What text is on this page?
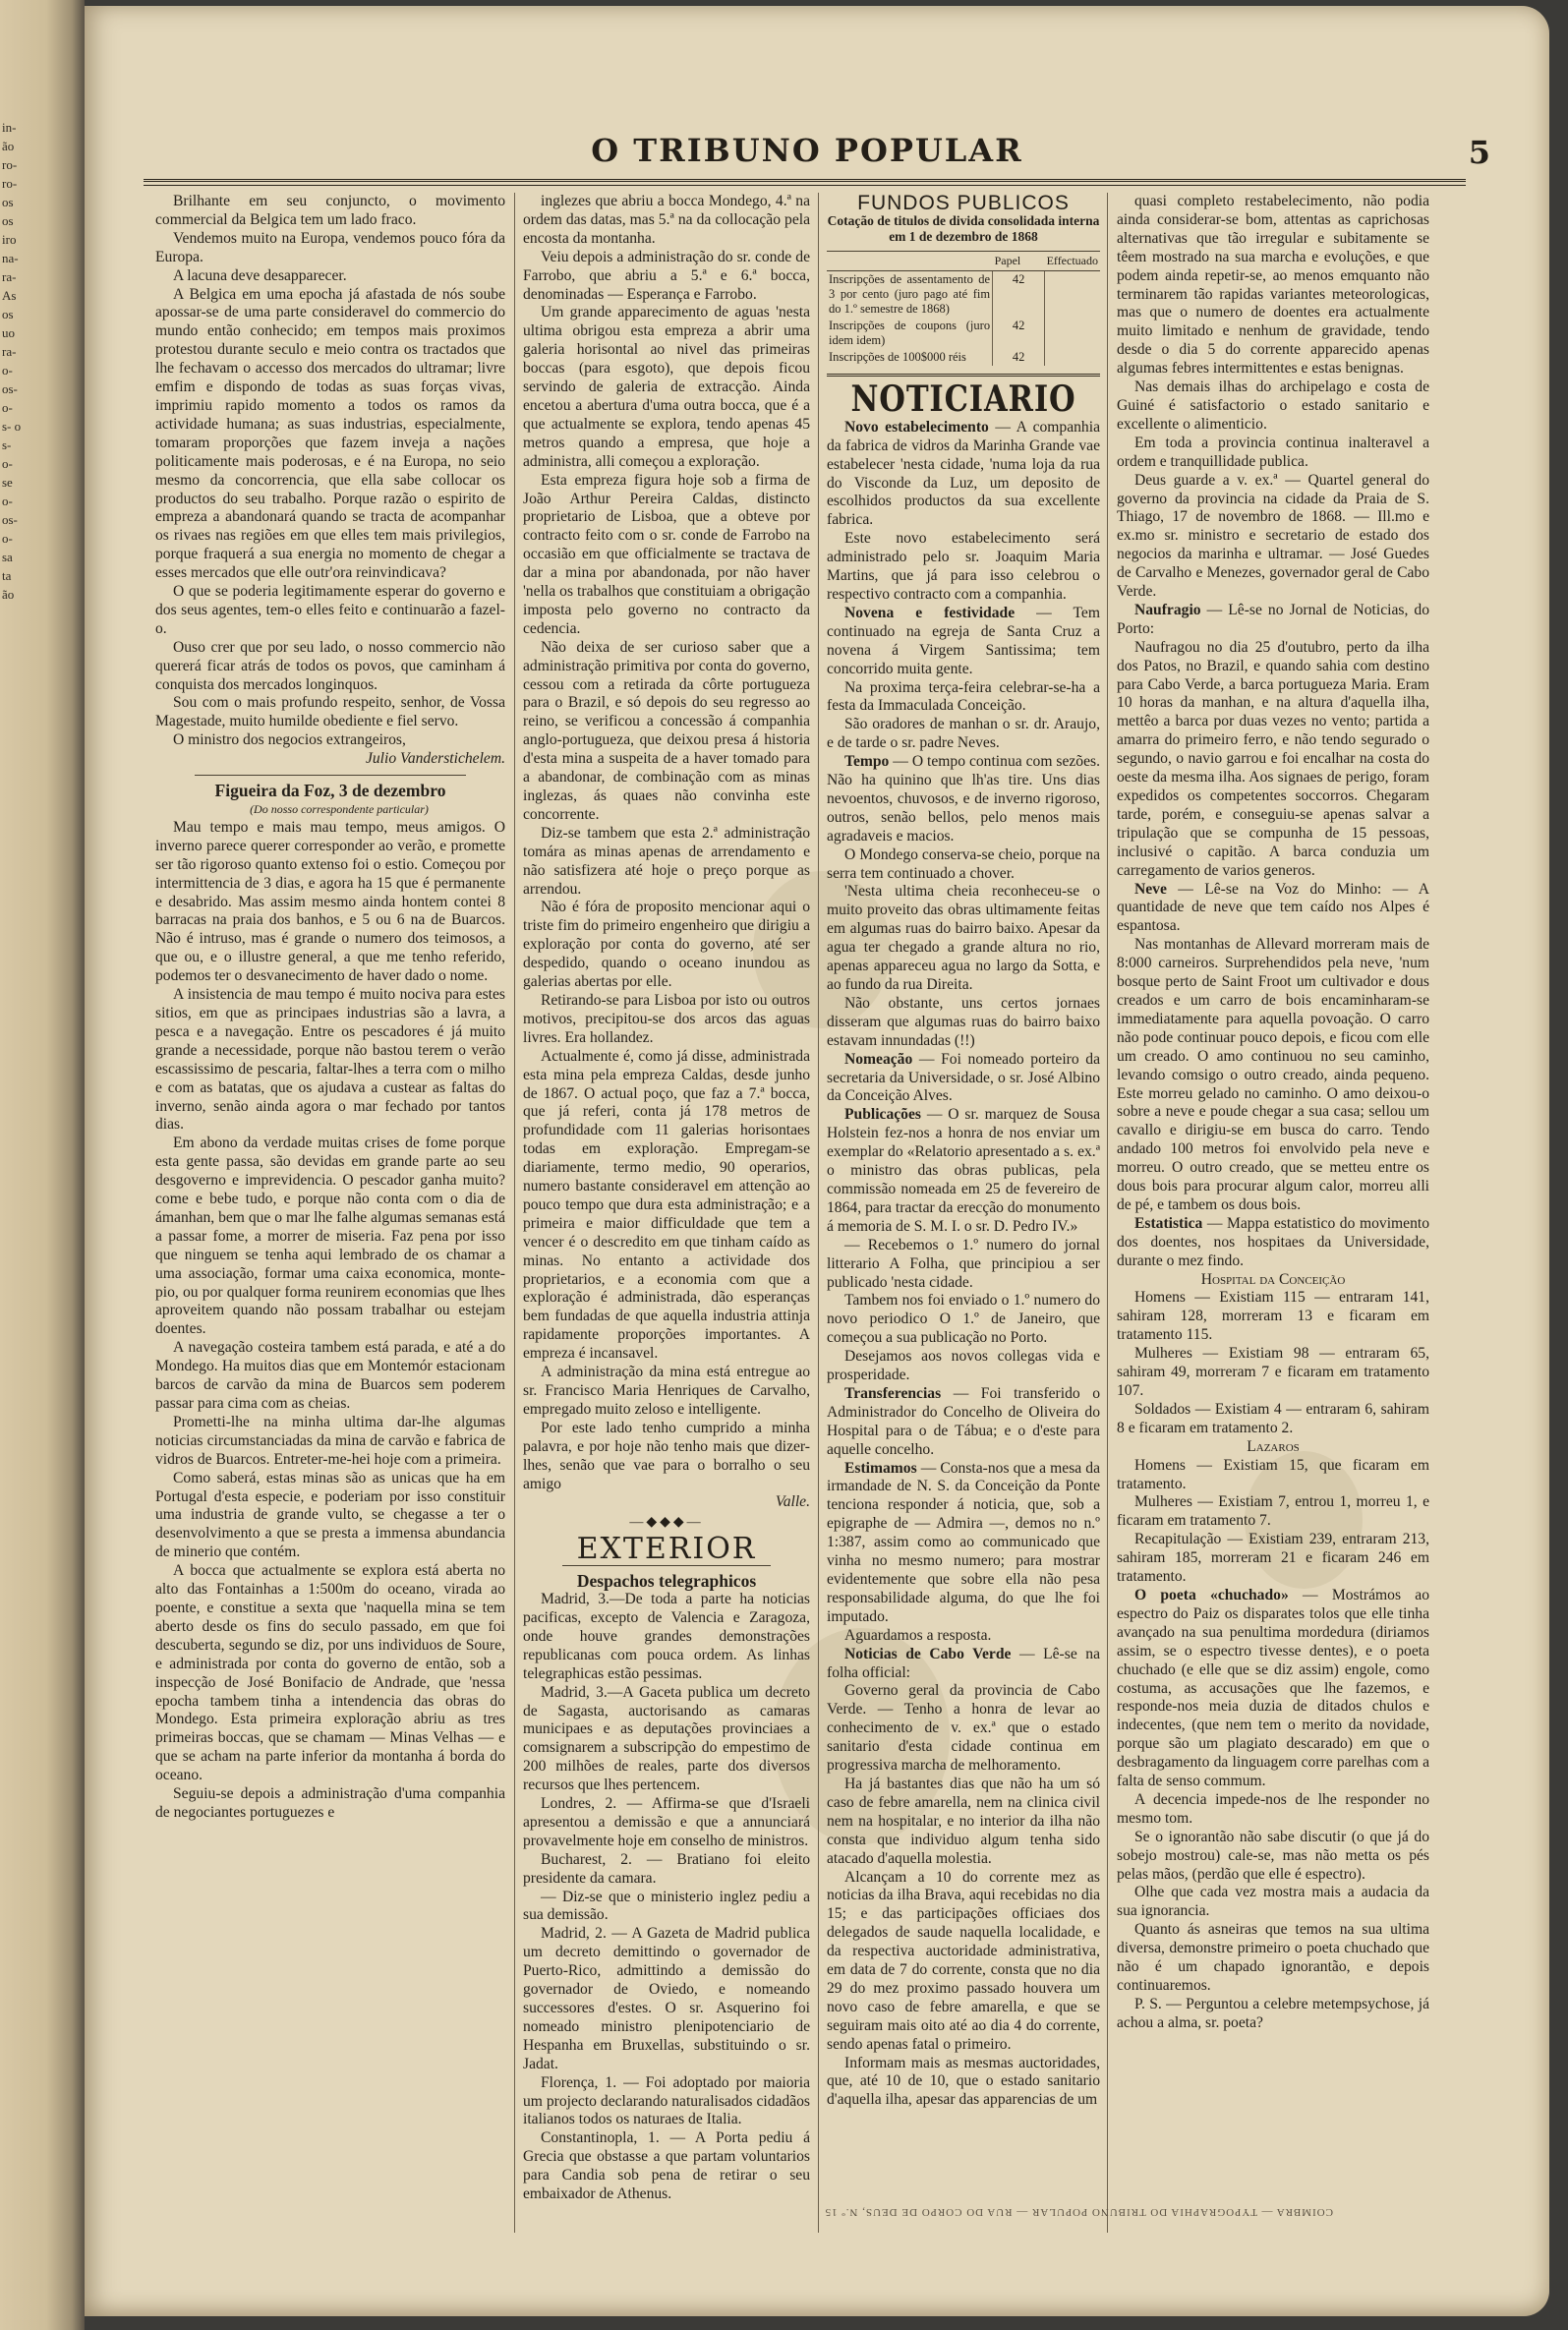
in- ão ro- ro- os os iro na- ra- As os uo ra- o- os- o- s- o s- o- se o- os- o- sa ta ão
O TRIBUNO POPULAR	5

Brilhante em seu conjuncto, o movimento commercial da Belgica tem um lado fraco.

Vendemos muito na Europa, vendemos pouco fóra da Europa.

A lacuna deve desapparecer.

A Belgica em uma epocha já afastada de nós soube apossar-se de uma parte consideravel do commercio do mundo então conhecido; em tempos mais proximos protestou durante seculo e meio contra os tractados que lhe fechavam o accesso dos mercados do ultramar; livre emfim e dispondo de todas as suas forças vivas, imprimiu rapido momento a todos os ramos da actividade humana; as suas industrias, especialmente, tomaram proporções que fazem inveja a nações politicamente mais poderosas, e é na Europa, no seio mesmo da concorrencia, que ella sabe collocar os productos do seu trabalho. Porque razão o espirito de empreza a abandonará quando se tracta de acompanhar os rivaes nas regiões em que elles tem mais privilegios, porque fraquerá a sua energia no momento de chegar a esses mercados que elle outr'ora reinvindicava?

O que se poderia legitimamente esperar do governo e dos seus agentes, tem-o elles feito e continuarão a fazel-o.

Ouso crer que por seu lado, o nosso commercio não quererá ficar atrás de todos os povos, que caminham á conquista dos mercados longinquos.

Sou com o mais profundo respeito, senhor, de Vossa Magestade, muito humilde obediente e fiel servo.

O ministro dos negocios extrangeiros,

Julio Vanderstichelem.

Figueira da Foz, 3 de dezembro

(Do nosso correspondente particular)

Mau tempo e mais mau tempo, meus amigos. O inverno parece querer corresponder ao verão, e promette ser tão rigoroso quanto extenso foi o estio. Começou por intermittencia de 3 dias, e agora ha 15 que é permanente e desabrido. Mas assim mesmo ainda hontem contei 8 barracas na praia dos banhos, e 5 ou 6 na de Buarcos. Não é intruso, mas é grande o numero dos teimosos, a que ou, e o illustre general, a que me tenho referido, podemos ter o desvanecimento de haver dado o nome.

A insistencia de mau tempo é muito nociva para estes sitios, em que as principaes industrias são a lavra, a pesca e a navegação. Entre os pescadores é já muito grande a necessidade, porque não bastou terem o verão escassissimo de pescaria, faltar-lhes a terra com o milho e com as batatas, que os ajudava a custear as faltas do inverno, senão ainda agora o mar fechado por tantos dias.

Em abono da verdade muitas crises de fome porque esta gente passa, são devidas em grande parte ao seu desgoverno e imprevidencia. O pescador ganha muito? come e bebe tudo, e porque não conta com o dia de ámanhan, bem que o mar lhe falhe algumas semanas está a passar fome, a morrer de miseria. Faz pena por isso que ninguem se tenha aqui lembrado de os chamar a uma associação, formar uma caixa economica, monte-pio, ou por qualquer forma reunirem economias que lhes aproveitem quando não possam trabalhar ou estejam doentes.

A navegação costeira tambem está parada, e até a do Mondego. Ha muitos dias que em Montemór estacionam barcos de carvão da mina de Buarcos sem poderem passar para cima com as cheias.

Prometti-lhe na minha ultima dar-lhe algumas noticias circumstanciadas da mina de carvão e fabrica de vidros de Buarcos. Entreter-me-hei hoje com a primeira.

Como saberá, estas minas são as unicas que ha em Portugal d'esta especie, e poderiam por isso constituir uma industria de grande vulto, se chegasse a ter o desenvolvimento a que se presta a immensa abundancia de minerio que contém.

A bocca que actualmente se explora está aberta no alto das Fontainhas a 1:500m do oceano, virada ao poente, e constitue a sexta que 'naquella mina se tem aberto desde os fins do seculo passado, em que foi descuberta, segundo se diz, por uns individuos de Soure, e administrada por conta do governo de então, sob a inspecção de José Bonifacio de Andrade, que 'nessa epocha tambem tinha a intendencia das obras do Mondego. Esta primeira exploração abriu as tres primeiras boccas, que se chamam — Minas Velhas — e que se acham na parte inferior da montanha á borda do oceano.

Seguiu-se depois a administração d'uma companhia de negociantes portuguezes e

inglezes que abriu a bocca Mondego, 4.ª na ordem das datas, mas 5.ª na da collocação pela encosta da montanha.

Veiu depois a administração do sr. conde de Farrobo, que abriu a 5.ª e 6.ª bocca, denominadas — Esperança e Farrobo.

Um grande apparecimento de aguas 'nesta ultima obrigou esta empreza a abrir uma galeria horisontal ao nivel das primeiras boccas (para esgoto), que depois ficou servindo de galeria de extracção. Ainda encetou a abertura d'uma outra bocca, que é a que actualmente se explora, tendo apenas 45 metros quando a empresa, que hoje a administra, alli começou a exploração.

Esta empreza figura hoje sob a firma de João Arthur Pereira Caldas, distincto proprietario de Lisboa, que a obteve por contracto feito com o sr. conde de Farrobo na occasião em que officialmente se tractava de dar a mina por abandonada, por não haver 'nella os trabalhos que constituiam a obrigação imposta pelo governo no contracto da cedencia.

Não deixa de ser curioso saber que a administração primitiva por conta do governo, cessou com a retirada da côrte portugueza para o Brazil, e só depois do seu regresso ao reino, se verificou a concessão á companhia anglo-portugueza, que deixou presa á historia d'esta mina a suspeita de a haver tomado para a abandonar, de combinação com as minas inglezas, ás quaes não convinha este concorrente.

Diz-se tambem que esta 2.ª administração tomára as minas apenas de arrendamento e não satisfizera até hoje o preço porque as arrendou.

Não é fóra de proposito mencionar aqui o triste fim do primeiro engenheiro que dirigiu a exploração por conta do governo, até ser despedido, quando o oceano inundou as galerias abertas por elle.

Retirando-se para Lisboa por isto ou outros motivos, precipitou-se dos arcos das aguas livres. Era hollandez.

Actualmente é, como já disse, administrada esta mina pela empreza Caldas, desde junho de 1867. O actual poço, que faz a 7.ª bocca, que já referi, conta já 178 metros de profundidade com 11 galerias horisontaes todas em exploração. Empregam-se diariamente, termo medio, 90 operarios, numero bastante consideravel em attenção ao pouco tempo que dura esta administração; e a primeira e maior difficuldade que tem a vencer é o descredito em que tinham caído as minas. No entanto a actividade dos proprietarios, e a economia com que a exploração é administrada, dão esperanças bem fundadas de que aquella industria attinja rapidamente proporções importantes. A empreza é incansavel.

A administração da mina está entregue ao sr. Francisco Maria Henriques de Carvalho, empregado muito zeloso e intelligente.

Por este lado tenho cumprido a minha palavra, e por hoje não tenho mais que dizer-lhes, senão que vae para o borralho o seu amigo

Valle.

—◆◆◆—
EXTERIOR

Despachos telegraphicos

Madrid, 3.—De toda a parte ha noticias pacificas, excepto de Valencia e Zaragoza, onde houve grandes demonstrações republicanas com pouca ordem. As linhas telegraphicas estão pessimas.

Madrid, 3.—A Gaceta publica um decreto de Sagasta, auctorisando as camaras municipaes e as deputações provinciaes a comsignarem a subscripção do empestimo de 200 milhões de reales, parte dos diversos recursos que lhes pertencem.

Londres, 2. — Affirma-se que d'Israeli apresentou a demissão e que a annunciará provavelmente hoje em conselho de ministros.

Bucharest, 2. — Bratiano foi eleito presidente da camara.

— Diz-se que o ministerio inglez pediu a sua demissão.

Madrid, 2. — A Gazeta de Madrid publica um decreto demittindo o governador de Puerto-Rico, admittindo a demissão do governador de Oviedo, e nomeando successores d'estes. O sr. Asquerino foi nomeado ministro plenipotenciario de Hespanha em Bruxellas, substituindo o sr. Jadat.

Florença, 1. — Foi adoptado por maioria um projecto declarando naturalisados cidadãos italianos todos os naturaes de Italia.

Constantinopla, 1. — A Porta pediu á Grecia que obstasse a que partam voluntarios para Candia sob pena de retirar o seu embaixador de Athenus.

FUNDOS PUBLICOS
Cotação de titulos de divida consolidada interna em 1 de dezembro de 1868
	Papel	Effectuado
Inscripções de assentamento de 3 por cento (juro pago até fim do 1.º semestre de 1868)	42	
Inscripções de coupons (juro idem idem)	42	
Inscripções de 100$000 réis	42	
NOTICIARIO

Novo estabelecimento — A companhia da fabrica de vidros da Marinha Grande vae estabelecer 'nesta cidade, 'numa loja da rua do Visconde da Luz, um deposito de escolhidos productos da sua excellente fabrica.

Este novo estabelecimento será administrado pelo sr. Joaquim Maria Martins, que já para isso celebrou o respectivo contracto com a companhia.

Novena e festividade — Tem continuado na egreja de Santa Cruz a novena á Virgem Santissima; tem concorrido muita gente.

Na proxima terça-feira celebrar-se-ha a festa da Immaculada Conceição.

São oradores de manhan o sr. dr. Araujo, e de tarde o sr. padre Neves.

Tempo — O tempo continua com sezões. Não ha quinino que lh'as tire. Uns dias nevoentos, chuvosos, e de inverno rigoroso, outros, senão bellos, pelo menos mais agradaveis e macios.

O Mondego conserva-se cheio, porque na serra tem continuado a chover.

'Nesta ultima cheia reconheceu-se o muito proveito das obras ultimamente feitas em algumas ruas do bairro baixo. Apesar da agua ter chegado a grande altura no rio, apenas appareceu agua no largo da Sotta, e ao fundo da rua Direita.

Não obstante, uns certos jornaes disseram que algumas ruas do bairro baixo estavam innundadas (!!)

Nomeação — Foi nomeado porteiro da secretaria da Universidade, o sr. José Albino da Conceição Alves.

Publicações — O sr. marquez de Sousa Holstein fez-nos a honra de nos enviar um exemplar do «Relatorio apresentado a s. ex.ª o ministro das obras publicas, pela commissão nomeada em 25 de fevereiro de 1864, para tractar da erecção do monumento á memoria de S. M. I. o sr. D. Pedro IV.»

— Recebemos o 1.º numero do jornal litterario A Folha, que principiou a ser publicado 'nesta cidade.

Tambem nos foi enviado o 1.º numero do novo periodico O 1.º de Janeiro, que começou a sua publicação no Porto.

Desejamos aos novos collegas vida e prosperidade.

Transferencias — Foi transferido o Administrador do Concelho de Oliveira do Hospital para o de Tábua; e o d'este para aquelle concelho.

Estimamos — Consta-nos que a mesa da irmandade de N. S. da Conceição da Ponte tenciona responder á noticia, que, sob a epigraphe de — Admira —, demos no n.º 1:387, assim como ao communicado que vinha no mesmo numero; para mostrar evidentemente que sobre ella não pesa responsabilidade alguma, do que lhe foi imputado.

Aguardamos a resposta.

Noticias de Cabo Verde — Lê-se na folha official:

Governo geral da provincia de Cabo Verde. — Tenho a honra de levar ao conhecimento de v. ex.ª que o estado sanitario d'esta cidade continua em progressiva marcha de melhoramento.

Ha já bastantes dias que não ha um só caso de febre amarella, nem na clinica civil nem na hospitalar, e no interior da ilha não consta que individuo algum tenha sido atacado d'aquella molestia.

Alcançam a 10 do corrente mez as noticias da ilha Brava, aqui recebidas no dia 15; e das participações officiaes dos delegados de saude naquella localidade, e da respectiva auctoridade administrativa, em data de 7 do corrente, consta que no dia 29 do mez proximo passado houvera um novo caso de febre amarella, e que se seguiram mais oito até ao dia 4 do corrente, sendo apenas fatal o primeiro.

Informam mais as mesmas auctoridades, que, até 10 de 10, que o estado sanitario d'aquella ilha, apesar das apparencias de um

quasi completo restabelecimento, não podia ainda considerar-se bom, attentas as caprichosas alternativas que tão irregular e subitamente se têem mostrado na sua marcha e evoluções, e que podem ainda repetir-se, ao menos emquanto não terminarem tão rapidas variantes meteorologicas, mas que o numero de doentes era actualmente muito limitado e nenhum de gravidade, tendo desde o dia 5 do corrente apparecido apenas algumas febres intermittentes e estas benignas.

Nas demais ilhas do archipelago e costa de Guiné é satisfactorio o estado sanitario e excellente o alimenticio.

Em toda a provincia continua inalteravel a ordem e tranquillidade publica.

Deus guarde a v. ex.ª — Quartel general do governo da provincia na cidade da Praia de S. Thiago, 17 de novembro de 1868. — Ill.mo e ex.mo sr. ministro e secretario de estado dos negocios da marinha e ultramar. — José Guedes de Carvalho e Menezes, governador geral de Cabo Verde.

Naufragio — Lê-se no Jornal de Noticias, do Porto:

Naufragou no dia 25 d'outubro, perto da ilha dos Patos, no Brazil, e quando sahia com destino para Cabo Verde, a barca portugueza Maria. Eram 10 horas da manhan, e na altura d'aquella ilha, mettêo a barca por duas vezes no vento; partida a amarra do primeiro ferro, e não tendo segurado o segundo, o navio garrou e foi encalhar na costa do oeste da mesma ilha. Aos signaes de perigo, foram expedidos os competentes soccorros. Chegaram tarde, porém, e conseguiu-se apenas salvar a tripulação que se compunha de 15 pessoas, inclusivé o capitão. A barca conduzia um carregamento de varios generos.

Neve — Lê-se na Voz do Minho: — A quantidade de neve que tem caído nos Alpes é espantosa.

Nas montanhas de Allevard morreram mais de 8:000 carneiros. Surprehendidos pela neve, 'num bosque perto de Saint Froot um cultivador e dous creados e um carro de bois encaminharam-se immediatamente para aquella povoação. O carro não pode continuar pouco depois, e ficou com elle um creado. O amo continuou no seu caminho, levando comsigo o outro creado, ainda pequeno. Este morreu gelado no caminho. O amo deixou-o sobre a neve e poude chegar a sua casa; sellou um cavallo e dirigiu-se em busca do carro. Tendo andado 100 metros foi envolvido pela neve e morreu. O outro creado, que se metteu entre os dous bois para procurar algum calor, morreu alli de pé, e tambem os dous bois.

Estatistica — Mappa estatistico do movimento dos doentes, nos hospitaes da Universidade, durante o mez findo.

Hospital da Conceição

Homens — Existiam 115 — entraram 141, sahiram 128, morreram 13 e ficaram em tratamento 115.

Mulheres — Existiam 98 — entraram 65, sahiram 49, morreram 7 e ficaram em tratamento 107.

Soldados — Existiam 4 — entraram 6, sahiram 8 e ficaram em tratamento 2.

Lazaros

Homens — Existiam 15, que ficaram em tratamento.

Mulheres — Existiam 7, entrou 1, morreu 1, e ficaram em tratamento 7.

Recapitulação — Existiam 239, entraram 213, sahiram 185, morreram 21 e ficaram 246 em tratamento.

O poeta «chuchado» — Mostrámos ao espectro do Paiz os disparates tolos que elle tinha avançado na sua penultima mordedura (diriamos assim, se o espectro tivesse dentes), e o poeta chuchado (e elle que se diz assim) engole, como costuma, as accusações que lhe fazemos, e responde-nos meia duzia de ditados chulos e indecentes, (que nem tem o merito da novidade, porque são um plagiato descarado) em que o desbragamento da linguagem corre parelhas com a falta de senso commum.

A decencia impede-nos de lhe responder no mesmo tom.

Se o ignorantão não sabe discutir (o que já do sobejo mostrou) cale-se, mas não metta os pés pelas mãos, (perdão que elle é espectro).

Olhe que cada vez mostra mais a audacia da sua ignorancia.

Quanto ás asneiras que temos na sua ultima diversa, demonstre primeiro o poeta chuchado que não é um chapado ignorantão, e depois continuaremos.

P. S. — Perguntou a celebre metempsychose, já achou a alma, sr. poeta?

COIMBRA — TYPOGRAPHIA DO TRIBUNO POPULAR — RUA DO CORPO DE DEUS, N.º 15
